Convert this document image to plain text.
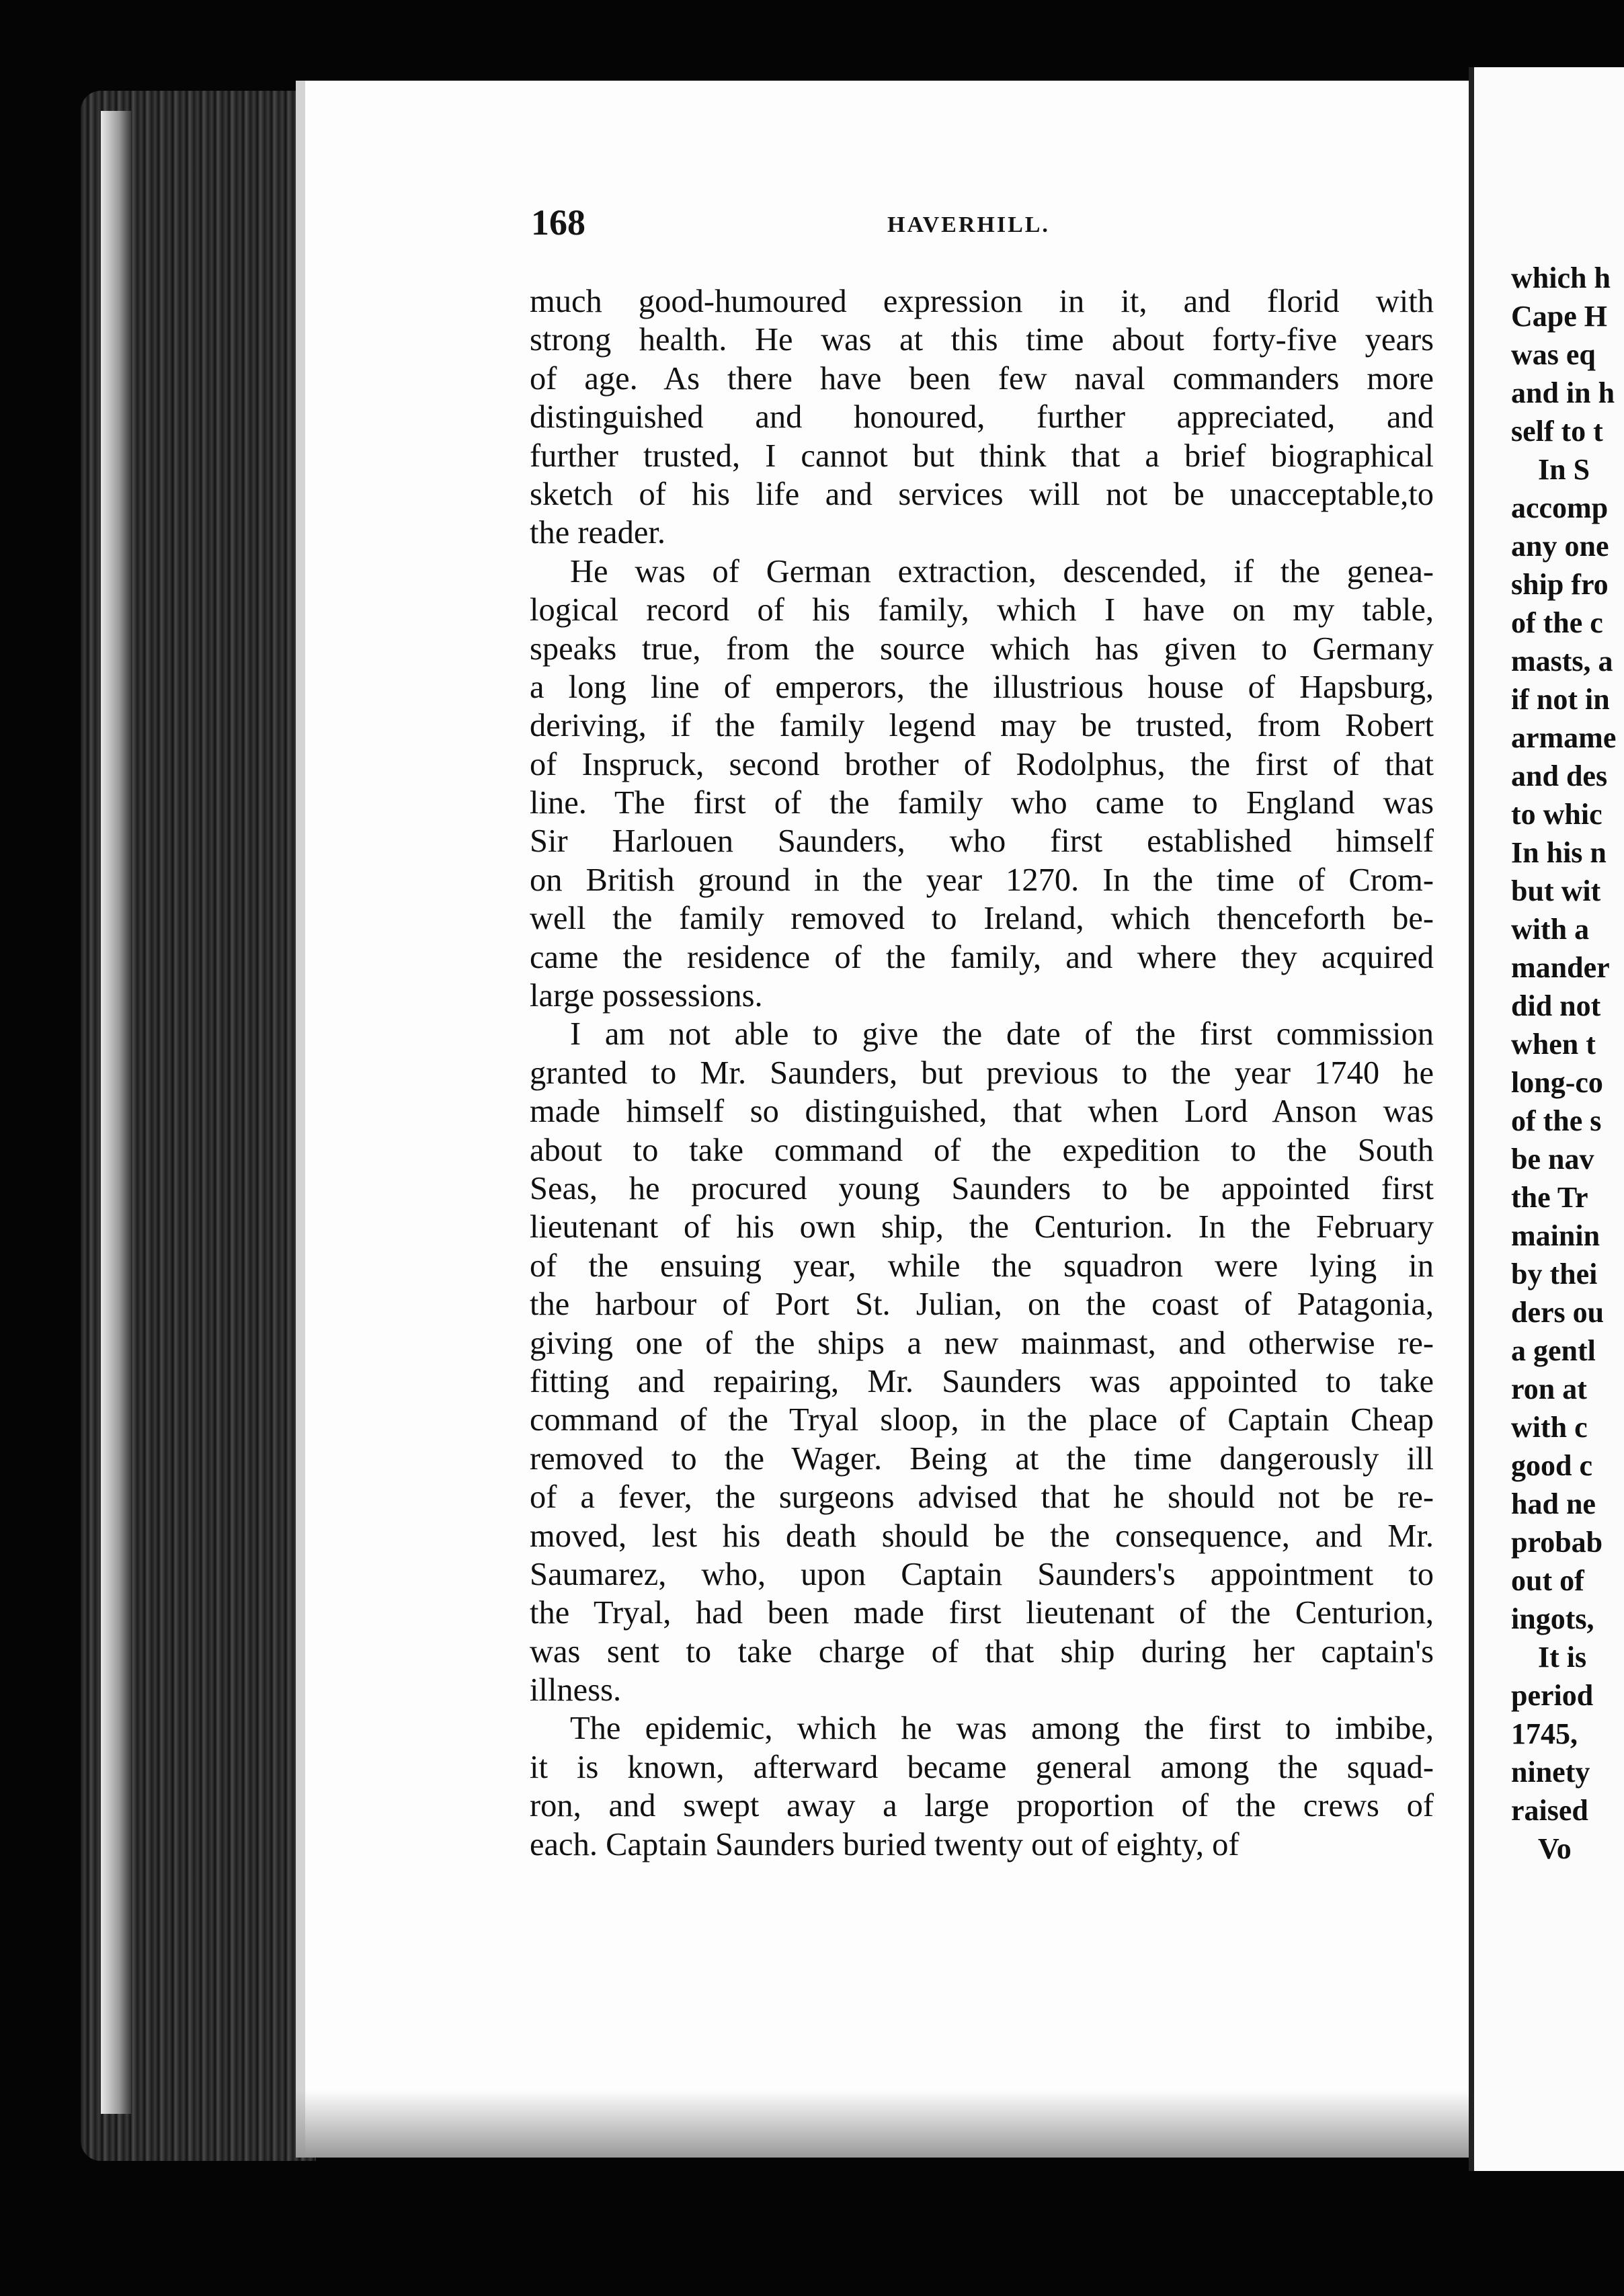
168	HAVERHILL.
much good-humoured expression in it, and florid with
strong health. He was at this time about forty-five years
of age. As there have been few naval commanders more
distinguished and honoured, further appreciated, and
further trusted, I cannot but think that a brief biographical
sketch of his life and services will not be unacceptable,to
the reader.
He was of German extraction, descended, if the genea-
logical record of his family, which I have on my table,
speaks true, from the source which has given to Germany
a long line of emperors, the illustrious house of Hapsburg,
deriving, if the family legend may be trusted, from Robert
of Inspruck, second brother of Rodolphus, the first of that
line. The first of the family who came to England was
Sir Harlouen Saunders, who first established himself
on British ground in the year 1270. In the time of Crom-
well the family removed to Ireland, which thenceforth be-
came the residence of the family, and where they acquired
large possessions.
I am not able to give the date of the first commission
granted to Mr. Saunders, but previous to the year 1740 he
made himself so distinguished, that when Lord Anson was
about to take command of the expedition to the South
Seas, he procured young Saunders to be appointed first
lieutenant of his own ship, the Centurion. In the February
of the ensuing year, while the squadron were lying in
the harbour of Port St. Julian, on the coast of Patagonia,
giving one of the ships a new mainmast, and otherwise re-
fitting and repairing, Mr. Saunders was appointed to take
command of the Tryal sloop, in the place of Captain Cheap
removed to the Wager. Being at the time dangerously ill
of a fever, the surgeons advised that he should not be re-
moved, lest his death should be the consequence, and Mr.
Saumarez, who, upon Captain Saunders's appointment to
the Tryal, had been made first lieutenant of the Centurion,
was sent to take charge of that ship during her captain's
illness.
The epidemic, which he was among the first to imbibe,
it is known, afterward became general among the squad-
ron, and swept away a large proportion of the crews of
each. Captain Saunders buried twenty out of eighty, of
which h
Cape H
was eq
and in h
self to t
In S
accomp
any one
ship fro
of the c
masts, a
if not in
armame
and des
to whic
In his n
but wit
with a
mander
did not
when t
long-co
of the s
be nav
the Tr
mainin
by thei
ders ou
a gentl
ron at
with c
good c
had ne
probab
out of
ingots,
It is
period
1745,
ninety
raised
Vo
